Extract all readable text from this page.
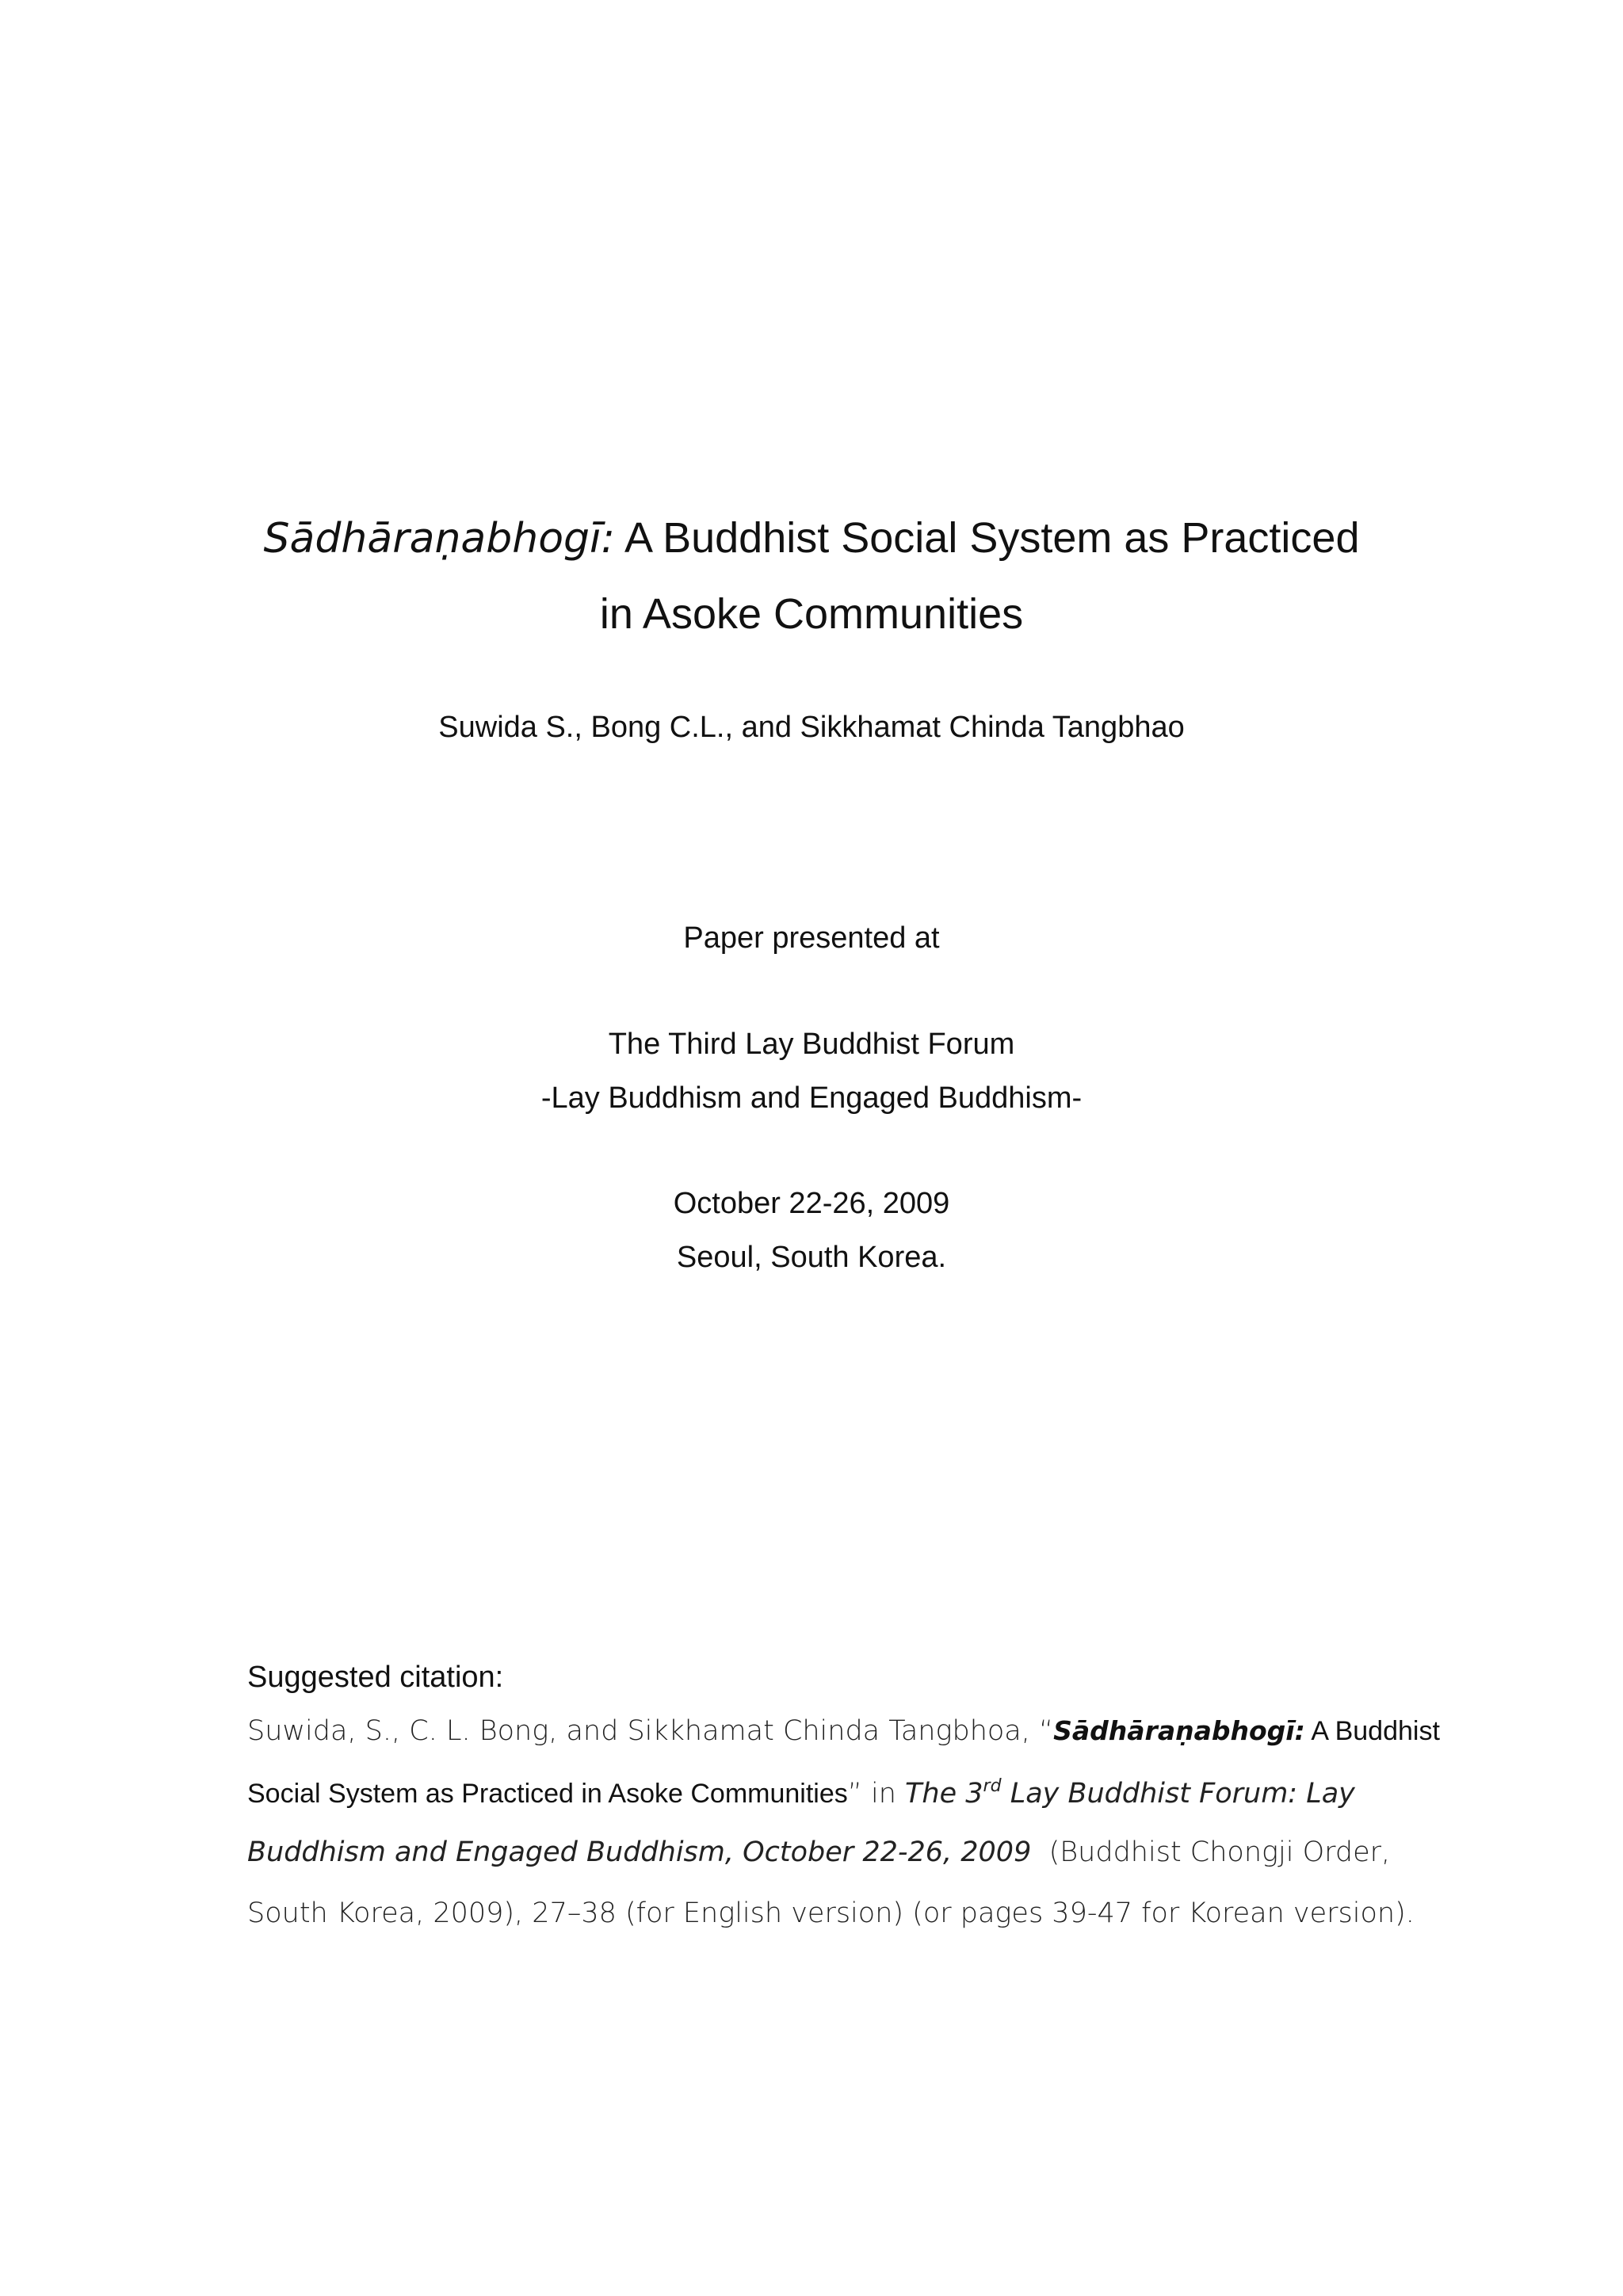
Sādhāraṇabhogī: A Buddhist Social System as Practiced
in Asoke Communities
Suwida S., Bong C.L., and Sikkhamat Chinda Tangbhao
Paper presented at
The Third Lay Buddhist Forum
-Lay Buddhism and Engaged Buddhism-
October 22-26, 2009
Seoul, South Korea.
Suggested citation:
Suwida, S., C. L. Bong, and Sikkhamat Chinda Tangbhoa, “Sādhāraṇabhogī: A Buddhist
Social System as Practiced in Asoke Communities” in The 3rd Lay Buddhist Forum: Lay
Buddhism and Engaged Buddhism, October 22-26, 2009  (Buddhist Chongji Order,
South Korea, 2009), 27–38 (for English version) (or pages 39-47 for Korean version).
